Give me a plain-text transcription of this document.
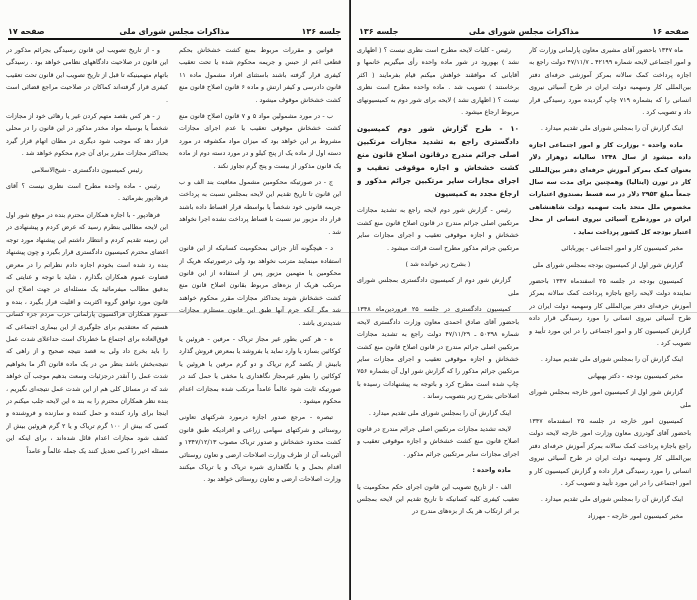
جلسه ۱۳۶
مذاکرات مجلس شورای ملی
صفحه ۱۷

قوانین و مقررات مربوط بمنع کشت خشخاش بحکم قطعی اعم از حبس و جریمه محکوم شده یا تحت تعقیب کیفری قرار گرفته باشند باستثنای افراد مشمول ماده ۱۱ قانون دادرسی و کیفر ارتش و ماده ۶ قانون اصلاح قانون منع کشت خشخاش موقوف میشود .

ب - در مورد مشمولین مواد ۵ و ۷ قانون اصلاح قانون منع کشت خشخاش موقوفی تعقیب یا عدم اجرای مجازات مشروط بر این خواهد بود که میزان مواد مکشوفه در مورد دسته اول از ماده یک از پنج کیلو و در مورد دسته دوم از ماده یک قانون مذکور از بیست و پنج گرم تجاوز نکند .

ج - در صورتیکه محکومین مشمول معافیت بند الف و ب این قانون تا تاریخ تقدیم این لایحه بمجلس نسبت به پرداخت جریمه قانونی خود شخصاً یا بواسطه قرار اقساط داده باشند قرار داد مزبور نیز نسبت با قساط پرداخت نشده اجرا نخواهد شد .

د - هیچگونه آثار جزائی بمحکومیت کسانیکه از این قانون استفاده مینمایند مترتب نخواهد بود ولی درصورتیکه هریک از محکومین یا متهمین مزبور پس از استفاده از این قانون مرتکب هریک از بزه‌های مربوط بقانون اصلاح قانون منع کشت خشخاش شوند بحداکثر مجازات مقرر محکوم خواهند شد مگر آنکه جرم آنها طبق این قانون مستلزم مجازات شدیدتری باشد .

ه - هر کس بطور غیر مجاز تریاک - مرفین - هروئین یا کوکائین بسازد یا وارد نماید یا بفروشد یا بمعرض فروش گذارد یابیش از یکصد گرم تریاک و دو گرم مرفین یا هروئین یا کوکائین را بطور غیرمجاز نگاهداری یا مخفی یا حمل کند در صورتیکه ثابت شود عالماً عامداً مرتکب شده بمجازات اعدام محکوم میشود .

تبصره - مرجع صدور اجازه درمورد شرکتهای تعاونی روستائی و شرکتهای سهامی زراعی و افرادیکه طبق قانون کشت محدود خشخاش و صدور تریاک مصوب ۱۳۴۷/۱۲/۱۳ و آئین‌نامه آن از طرف وزارت اصلاحات ارضی و تعاون روستائی اقدام بحمل و یا نگاهداری شیره تریاک و یا تریاک میکنند وزارت اصلاحات ارضی و تعاون روستائی خواهد بود .

و - از تاریخ تصویب این قانون رسیدگی بجرائم مذکور در این قانون در صلاحیت دادگاههای نظامی خواهد بود . رسیدگی باتهام متهمینیکه تا قبل از تاریخ تصویب این قانون تحت تعقیب کیفری قرار گرفته‌اند کماکان در صلاحیت مراجع قضائی است .

ز - هر کس بقصد متهم کردن غیر یا رهائی خود از مجازات شخصاً یا بوسیله مواد مخدر مذکور در این قانون را در محلی قرار دهد که موجب شود دیگری در مظان اتهام قرار گیرد بحداکثر مجازات مقرر برای آن جرم محکوم خواهد شد .

رئیس کمیسیون دادگستری - شیخ‌الاسلامی

رئیس - ماده واحده مطرح است نظری نیست ؟ آقای فرهادپور بفرمائید .

فرهادپور - با اجازه همکاران محترم بنده در موقع شور اول این لایحه مطالبی بنظرم رسید که عرض کردم و پیشنهادی در این زمینه تقدیم کردم و انتظار داشتم این پیشنهاد مورد توجه اعضای محترم کمیسیون دادگستری قرار بگیرد و چون پیشنهاد بنده رد شده است بخودم اجازه دادم نظراتم را در معرض قضاوت عموم همکاران بگذارم ، شاید با توجه و عنایتی که بدقیق مطالب میفرمائید یک مسئله‌ای در جهت اصلاح این قانون مورد توافق گروه اکثریت و اقلیت قرار بگیرد ، بنده و عموم همکاران فراکسیون پارلمانی حزب مردم جزء کسانی هستیم که معتقدیم برای جلوگیری از این بیماری اجتماعی که فوق‌العاده برای اجتماع ما خطرناک است حداعلای شدت عمل را باید بخرج داد ولی به قصد نتیجه صحیح و از راهی که نتیجه‌بخش باشد بنظر من در یک ماده قانون اگر ما بخواهیم شدت عمل را آنقدر درجزئیات وسعت بدهیم موجب آن خواهد شد که در مسائل کلی هم از این شدت عمل نتیجه‌ای نگیریم ، بنده نظر همکاران محترم را به بند ه این لایحه جلب میکنم در اینجا برای وارد کننده و حمل کننده و سازنده و فروشنده و کسی که بیش از ۱۰۰ گرم تریاک و یا ۲ گرم هروئین بیش از کشف شود مجازات اعدام قائل شده‌اند ، برای اینکه این مسئله اخیر را کمی تعدیل کنند یک جمله عالماً و عامداً

صفحه ۱۶
مذاکرات مجلس شورای ملی
جلسه ۱۳۶

ماه ۱۳۴۷ باحضور آقای مشیری معاون پارلمانی وزارت کار و امور اجتماعی لایحه شماره ۴۲۱۹۹ ـ ۴۷/۱۱/۷ دولت راجع به اجازه پرداخت کمک سالانه بمرکز آموزشی حرفه‌ای دفتر بین‌المللی کار وسهمیه دولت ایران در طرح آسیائی نیروی انسانی را که بشماره ۷۱۹ چاپ گردیده مورد رسیدگی قرار داد و تصویب کرد .

اینک گزارش آن را بمجلس شورای ملی تقدیم میدارد .

ماده واحده - بوزارت کار و امور اجتماعی اجازه داده میشود از سال ۱۳۴۸ سالیانه دوهزار دلار بعنوان کمک بمرکز آموزش حرفه‌ای دفتر بین‌المللی کار در تورن (ایتالیا) وهمچنین برای مدت سه سال جمعاً مبلغ ۲۹۵۳ دلار در سه قسط بصندوق اعتبارات مخصوص ملل متحد بابت سهمیه دولت شاهنشاهی ایران در موردطرح آسیائی نیروی انسانی از محل اعتبار بودجه کل کشور پرداخت نماید .

مخبر کمیسیون کار و امور اجتماعی - پوربابائی

گزارش شور اول از کمیسیون بودجه بمجلس شورای ملی

کمیسیون بودجه در جلسه ۲۵ اسفندماه ۱۳۴۷ باحضور نماینده دولت لایحه راجع باجازه پرداخت کمک سالانه بمرکز آموزش حرفه‌ای دفتر بین‌المللی کار وسهمیه دولت ایران در طرح آسیائی نیروی انسانی را مورد رسیدگی قرار داده گزارش کمیسیون کار و امور اجتماعی را در این مورد تأیید و تصویب کرد .

اینک گزارش آن را بمجلس شورای ملی تقدیم میدارد .

مخبر کمیسیون بودجه - دکتر بهبهانی

گزارش شور اول از کمیسیون امور خارجه بمجلس شورای ملی

کمیسیون امور خارجه در جلسه ۲۵ اسفندماه ۱۳۴۷ باحضور آقای گودرزی معاون وزارت امور خارجه لایحه دولت راجع باجازه پرداخت کمک سالانه بمرکز آموزش حرفه‌ای دفتر بین‌المللی کار وسهمیه دولت ایران در طرح آسیائی نیروی انسانی را مورد رسیدگی قرار داده و گزارش کمیسیون کار و امور اجتماعی را در این مورد تأیید و تصویب کرد .

اینک گزارش آن را بمجلس شورای ملی تقدیم میدارد .

مخبر کمیسیون امور خارجه - مهرزاد

رئیس - کلیات لایحه مطرح است نظری نیست ؟ ( اظهاری نشد ) بهورود در شور ماده واحده رأی میگیریم خانمها و آقایانی که موافقند خواهش میکنم قیام بفرمایند ( اکثر برخاستند ) تصویب شد . ماده واحده مطرح است نظری نیست ؟ ( اظهاری نشد ) لایحه برای شور دوم به کمیسیونهای مربوط ارجاع میشود .

۱۰ - طرح گزارش شور دوم کمیسیون دادگستری راجع به تشدید مجازات مرتکبین اصلی جرائم مندرج درقانون اصلاح قانون منع کشت خشخاش و اجازه موقوفی تعقیب و اجرای مجازات سایر مرتکبین جرائم مذکور و ارجاع مجدد به کمیسیون

رئیس - گزارش شور دوم لایحه راجع به تشدید مجازات مرتکبین اصلی جرائم مندرج در قانون اصلاح قانون منع کشت خشخاش و اجازه موقوفی تعقیب و اجرای مجازات سایر مرتکبین جرائم مذکور مطرح است قرائت میشود .

( بشرح زیر خوانده شد )

گزارش شور دوم از کمیسیون دادگستری بمجلس شورای ملی

کمیسیون دادگستری در جلسه ۲۵ فروردین‌ماه ۱۳۴۸ باحضور آقای صادق احمدی معاون وزارت دادگستری لایحه شماره ۵۰۳۹۸ ـ ۴۷/۱۱/۲۹ دولت راجع به تشدید مجازات مرتکبین اصلی جرائم مندرج در قانون اصلاح قانون منع کشت خشخاش و اجازه موقوفی تعقیب و اجرای مجازات سایر مرتکبین جرائم مذکور را که گزارش شور اول آن بشماره ۷۵۶ چاپ شده است مطرح کرد و باتوجه به پیشنهادات رسیده با اصلاحاتی بشرح زیر بتصویب رساند .

اینک گزارش آن را بمجلس شورای ملی تقدیم میدارد .

لایحه تشدید مجازات مرتکبین اصلی جرائم مندرج در قانون اصلاح قانون منع کشت خشخاش و اجازه موقوفی تعقیب و اجرای مجازات سایر مرتکبین جرائم مذکور .

ماده واحده :

الف - از تاریخ تصویب این قانون اجرای حکم محکومیت یا تعقیب کیفری کلیه کسانیکه تا تاریخ تقدیم این لایحه بمجلس بر اثر ارتکاب هر یک از بزه‌های مندرج در
